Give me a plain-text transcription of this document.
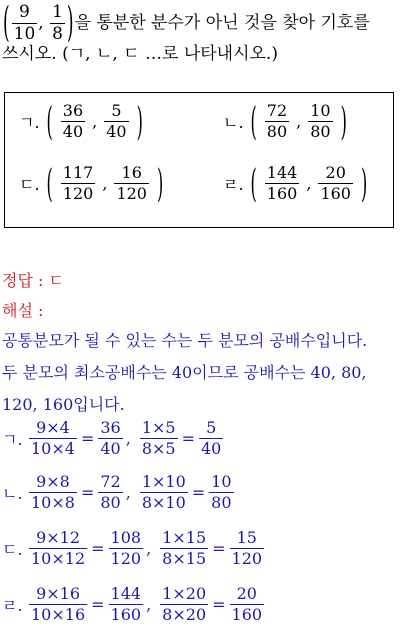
( $\frac{9}{10}$ , $\frac{1}{8}$ )을 통분한 분수가 아닌 것을 찾아 기호를
쓰시오. (ㄱ, ㄴ, ㄷ …로 나타내시오.)
ㄱ. ( $\frac{36}{40}$ , $\frac{5}{40}$ )	ㄴ. ( $\frac{72}{80}$ , $\frac{10}{80}$ )
ㄷ. ( $\frac{117}{120}$ , $\frac{16}{120}$ )	ㄹ. ( $\frac{144}{160}$ , $\frac{20}{160}$ )
정답 : ㄷ
해설 :
공통분모가 될 수 있는 수는 두 분모의 공배수입니다.
두 분모의 최소공배수는 40이므로 공배수는 40, 80,
120, 160입니다.
ㄱ. $\frac{9\times 4}{10\times 4} = \frac{36}{40}$ , $\frac{1\times 5}{8\times 5} = \frac{5}{40}$
ㄴ. $\frac{9\times 8}{10\times 8} = \frac{72}{80}$ , $\frac{1\times 10}{8\times 10} = \frac{10}{80}$
ㄷ. $\frac{9\times 12}{10\times 12} = \frac{108}{120}$ , $\frac{1\times 15}{8\times 15} = \frac{15}{120}$
ㄹ. $\frac{9\times 16}{10\times 16} = \frac{144}{160}$ , $\frac{1\times 20}{8\times 20} = \frac{20}{160}$
